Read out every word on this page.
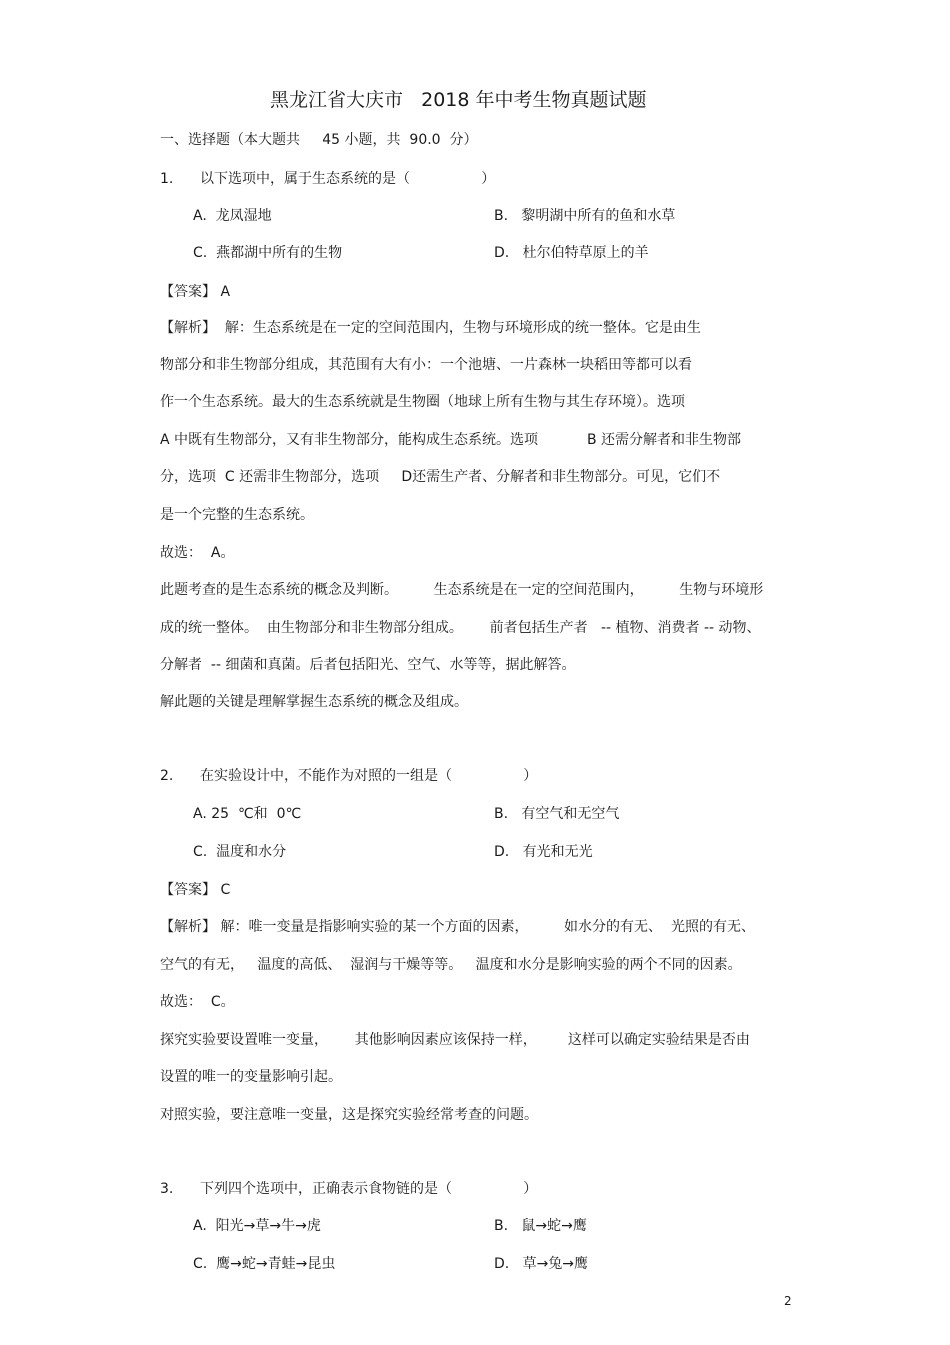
黑龙江省大庆市   2018 年中考生物真题试题
一、选择题（本大题共     45 小题，共  90.0  分）
1.      以下选项中，属于生态系统的是（                ）
A.  龙凤湿地	B.   黎明湖中所有的鱼和水草
C.  燕都湖中所有的生物	D.   杜尔伯特草原上的羊
【答案】 A
【解析】  解：生态系统是在一定的空间范围内，生物与环境形成的统一整体。它是由生
物部分和非生物部分组成，其范围有大有小：一个池塘、一片森林一块稻田等都可以看
作一个生态系统。最大的生态系统就是生物圈（地球上所有生物与其生存环境）。选项
A 中既有生物部分，又有非生物部分，能构成生态系统。选项           B 还需分解者和非生物部
分，选项  C 还需非生物部分，选项     D还需生产者、分解者和非生物部分。可见，它们不
是一个完整的生态系统。
故选：  A。
此题考查的是生态系统的概念及判断。        生态系统是在一定的空间范围内，        生物与环境形
成的统一整体。  由生物部分和非生物部分组成。      前者包括生产者   -- 植物、消费者 -- 动物、
分解者  -- 细菌和真菌。后者包括阳光、空气、水等等，据此解答。
解此题的关键是理解掌握生态系统的概念及组成。
2.      在实验设计中，不能作为对照的一组是（                ）
A. 25  ℃和  0℃	B.   有空气和无空气
C.  温度和水分	D.   有光和无光
【答案】 C
【解析】 解：唯一变量是指影响实验的某一个方面的因素，        如水分的有无、  光照的有无、
空气的有无，   温度的高低、  湿润与干燥等等。   温度和水分是影响实验的两个不同的因素。
故选：  C。
探究实验要设置唯一变量，      其他影响因素应该保持一样，       这样可以确定实验结果是否由
设置的唯一的变量影响引起。
对照实验，要注意唯一变量，这是探究实验经常考查的问题。
3.      下列四个选项中，正确表示食物链的是（                ）
A.  阳光→草→牛→虎	B.   鼠→蛇→鹰
C.  鹰→蛇→青蛙→昆虫	D.   草→兔→鹰
2
